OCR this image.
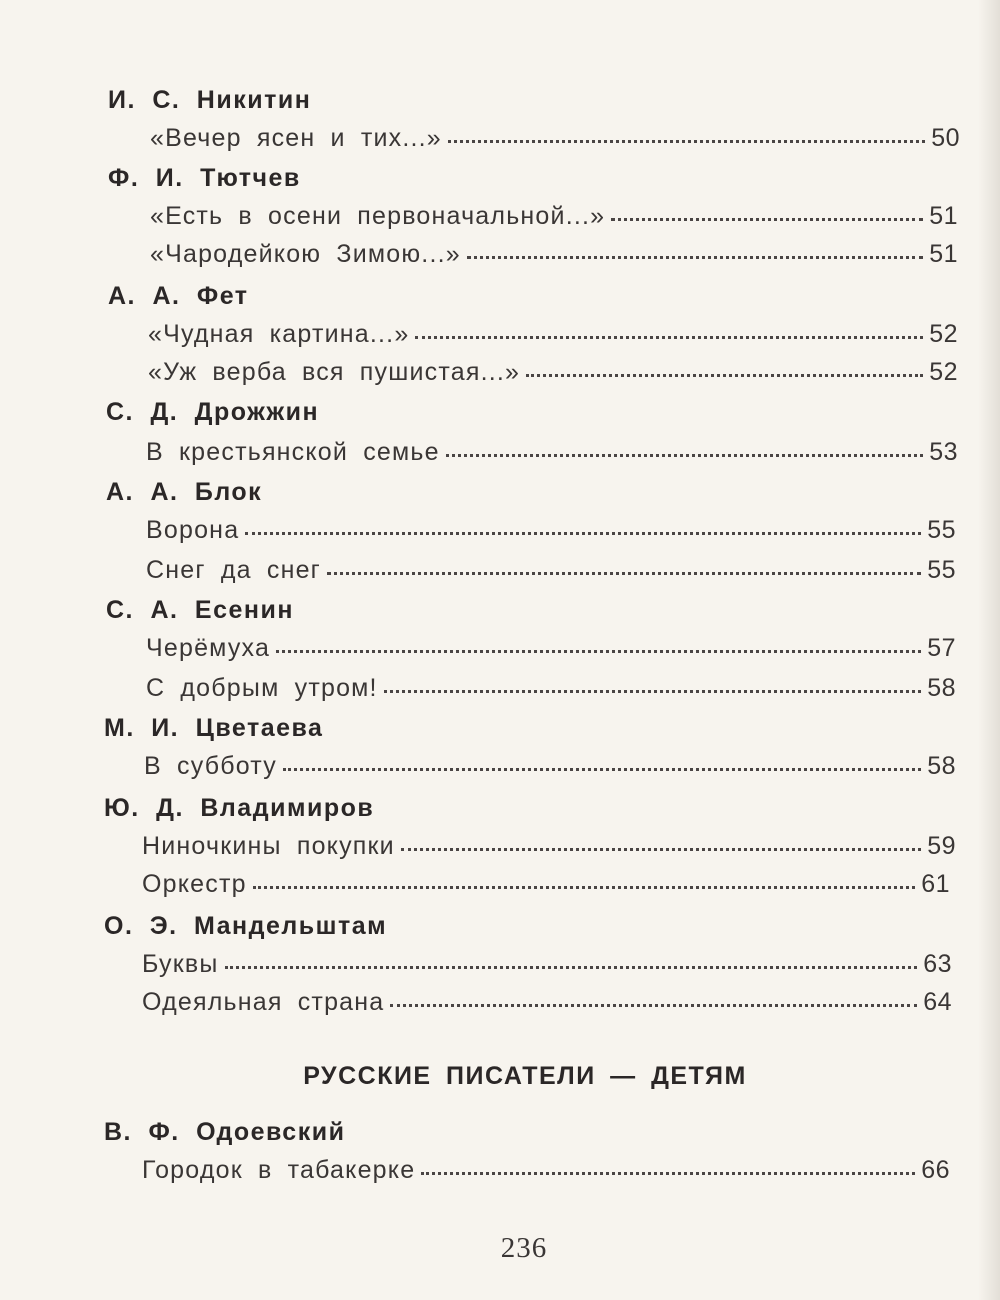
И. С. Никитин
«Вечер ясен и тих...»	50
Ф. И. Тютчев
«Есть в осени первоначальной...»	51
«Чародейкою Зимою...»	51
А. А. Фет
«Чудная картина...»	52
«Уж верба вся пушистая...»	52
С. Д. Дрожжин
В крестьянской семье	53
А. А. Блок
Ворона	55
Снег да снег	55
С. А. Есенин
Черёмуха	57
С добрым утром!	58
М. И. Цветаева
В субботу	58
Ю. Д. Владимиров
Ниночкины покупки	59
Оркестр	61
О. Э. Мандельштам
Буквы	63
Одеяльная страна	64
РУССКИЕ ПИСАТЕЛИ — ДЕТЯМ
В. Ф. Одоевский
Городок в табакерке	66
236
